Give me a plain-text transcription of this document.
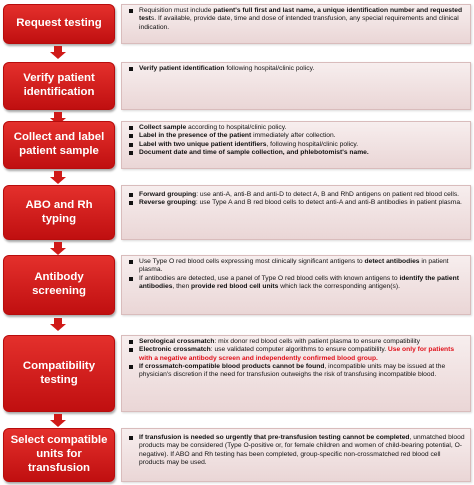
Request testing
Requisition must include patient's full first and last name, a unique identification number and requested tests. If available, provide date, time and dose of intended transfusion, any special requirements and clinical indication.
Verify patient identification
Verify patient identification following hospital/clinic policy.
Collect and label patient sample
Collect sample according to hospital/clinic policy.
Label in the presence of the patient immediately after collection.
Label with two unique patient identifiers, following hospital/clinic policy.
Document date and time of sample collection, and phlebotomist's name.
ABO and Rh typing
Forward grouping: use anti-A, anti-B and anti-D to detect A, B and RhD antigens on patient red blood cells.
Reverse grouping: use Type A and B red blood cells to detect anti-A and anti-B antibodies in patient plasma.
Antibody screening
Use Type O red blood cells expressing most clinically significant antigens to detect antibodies in patient plasma.
If antibodies are detected, use a panel of Type O red blood cells with known antigens to identify the patient antibodies, then provide red blood cell units which lack the corresponding antigen(s).
Compatibility testing
Serological crossmatch: mix donor red blood cells with patient plasma to ensure compatibility
Electronic crossmatch: use validated computer algorithms to ensure compatibility. Use only for patients with a negative antibody screen and independently confirmed blood group.
If crossmatch-compatible blood products cannot be found, incompatible units may be issued at the physician's discretion if the need for transfusion outweighs the risk of transfusing incompatible blood.
Select compatible units for transfusion
If transfusion is needed so urgently that pre-transfusion testing cannot be completed, unmatched blood products may be considered (Type O-positive or, for female children and women of child-bearing potential, O-negative). If ABO and Rh testing has been completed, group-specific non-crossmatched red blood cell products may be used.
